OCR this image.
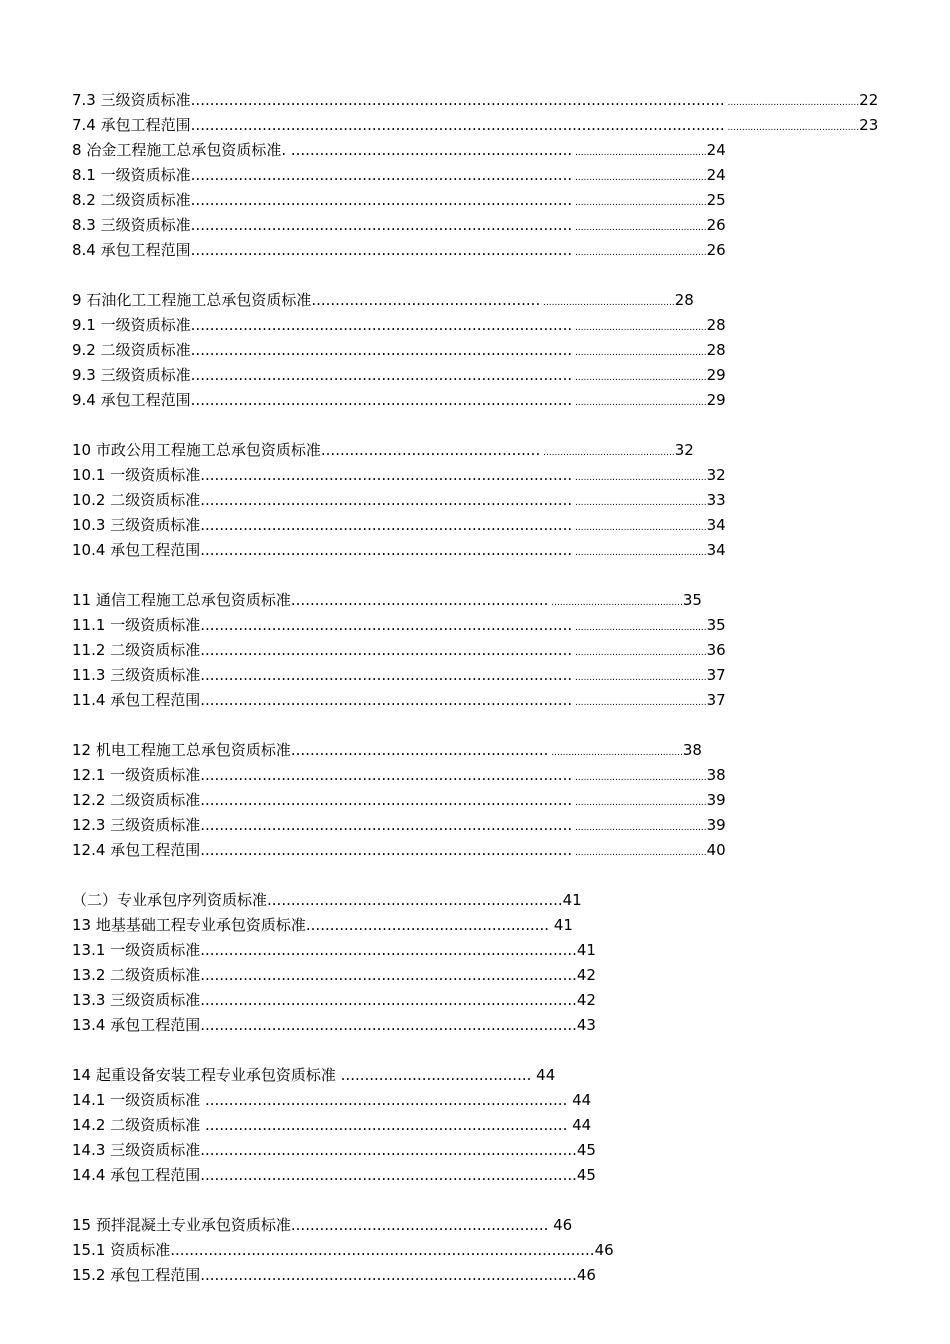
7.3 三级资质标准................................................................................................................ ..............................................22
7.4 承包工程范围................................................................................................................ ..............................................23
8 冶金工程施工总承包资质标准. ........................................................... ..............................................24
8.1 一级资质标准................................................................................ ..............................................24
8.2 二级资质标准................................................................................ ..............................................25
8.3 三级资质标准................................................................................ ..............................................26
8.4 承包工程范围................................................................................ ..............................................26
9 石油化工工程施工总承包资质标准................................................ ..............................................28
9.1 一级资质标准................................................................................ ..............................................28
9.2 二级资质标准................................................................................ ..............................................28
9.3 三级资质标准................................................................................ ..............................................29
9.4 承包工程范围................................................................................ ..............................................29
10 市政公用工程施工总承包资质标准.............................................. ..............................................32
10.1 一级资质标准.............................................................................. ..............................................32
10.2 二级资质标准.............................................................................. ..............................................33
10.3 三级资质标准.............................................................................. ..............................................34
10.4 承包工程范围.............................................................................. ..............................................34
11 通信工程施工总承包资质标准...................................................... ..............................................35
11.1 一级资质标准.............................................................................. ..............................................35
11.2 二级资质标准.............................................................................. ..............................................36
11.3 三级资质标准.............................................................................. ..............................................37
11.4 承包工程范围.............................................................................. ..............................................37
12 机电工程施工总承包资质标准...................................................... ..............................................38
12.1 一级资质标准.............................................................................. ..............................................38
12.2 二级资质标准.............................................................................. ..............................................39
12.3 三级资质标准.............................................................................. ..............................................39
12.4 承包工程范围.............................................................................. ..............................................40
（二）专业承包序列资质标准..............................................................41
13 地基基础工程专业承包资质标准................................................... 41
13.1 一级资质标准...............................................................................41
13.2 二级资质标准...............................................................................42
13.3 三级资质标准...............................................................................42
13.4 承包工程范围...............................................................................43
14 起重设备安装工程专业承包资质标准 ........................................ 44
14.1 一级资质标准 ............................................................................ 44
14.2 二级资质标准 ............................................................................ 44
14.3 三级资质标准...............................................................................45
14.4 承包工程范围...............................................................................45
15 预拌混凝土专业承包资质标准...................................................... 46
15.1 资质标准.........................................................................................46
15.2 承包工程范围...............................................................................46
